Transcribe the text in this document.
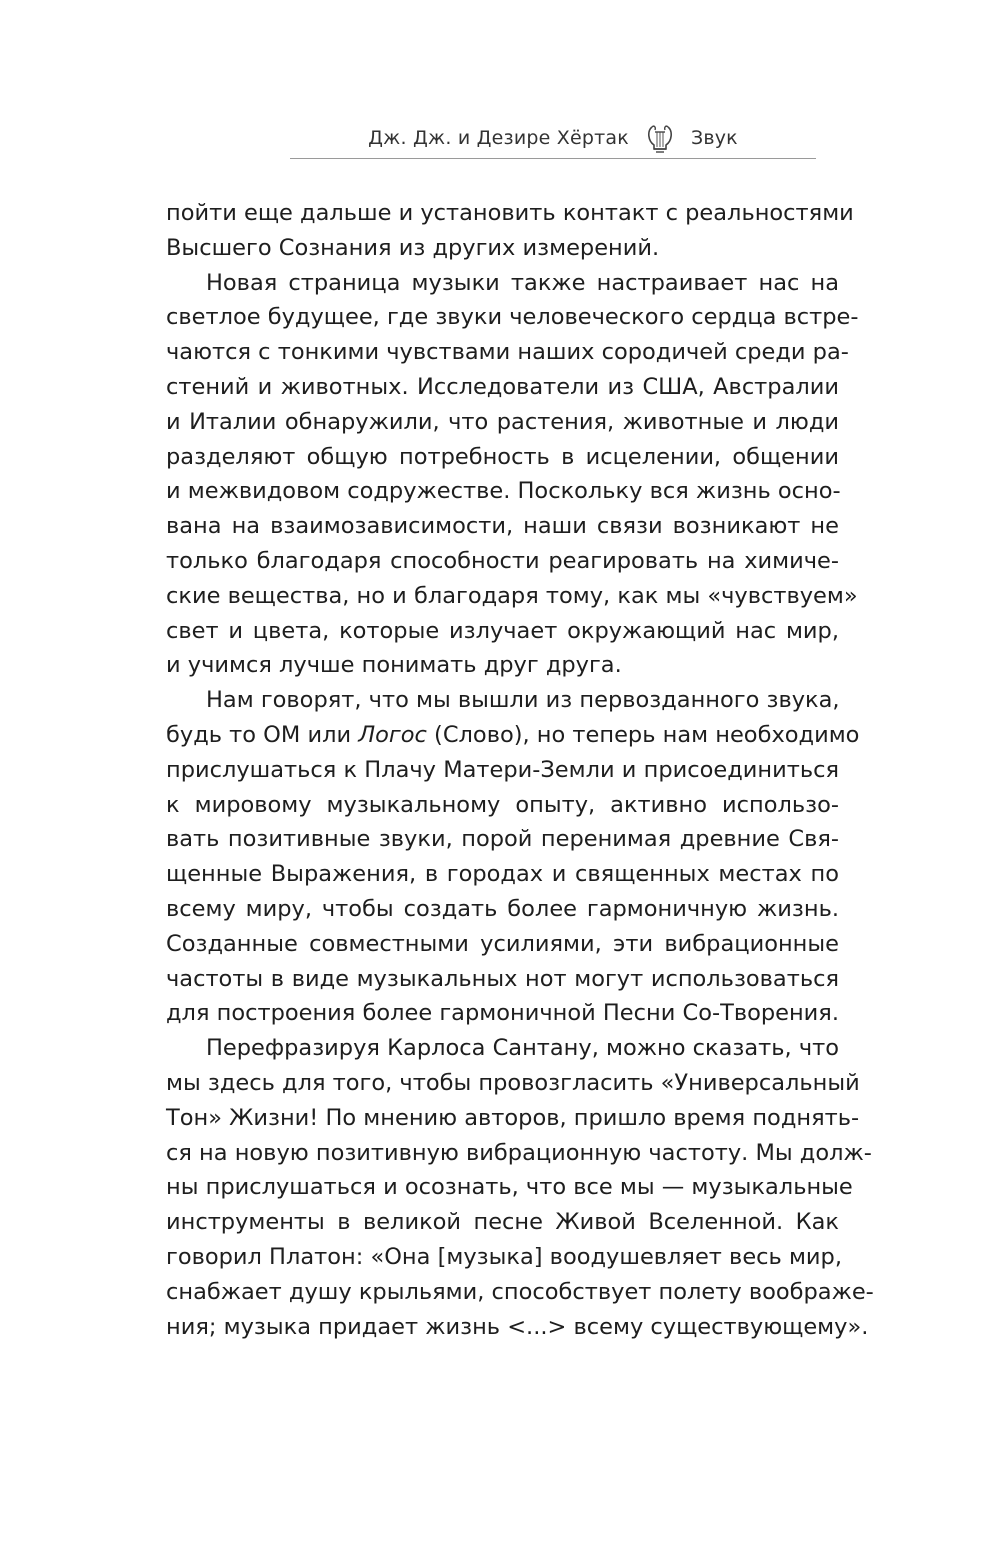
Дж. Дж. и Дезире Хёртак	Звук

пойти еще дальше и установить контакт с реальностями
Высшего Сознания из других измерений.

Новая страница музыки также настраивает нас на
светлое будущее, где звуки человеческого сердца встре-
чаются с тонкими чувствами наших сородичей среди ра-
стений и животных. Исследователи из США, Австралии
и Италии обнаружили, что растения, животные и люди
разделяют общую потребность в исцелении, общении
и межвидовом содружестве. Поскольку вся жизнь осно-
вана на взаимозависимости, наши связи возникают не
только благодаря способности реагировать на химиче-
ские вещества, но и благодаря тому, как мы «чувствуем»
свет и цвета, которые излучает окружающий нас мир,
и учимся лучше понимать друг друга.

Нам говорят, что мы вышли из первозданного звука,
будь то ОМ или Логос (Слово), но теперь нам необходимо
прислушаться к Плачу Матери-Земли и присоединиться
к мировому музыкальному опыту, активно использо-
вать позитивные звуки, порой перенимая древние Свя-
щенные Выражения, в городах и священных местах по
всему миру, чтобы создать более гармоничную жизнь.
Созданные совместными усилиями, эти вибрационные
частоты в виде музыкальных нот могут использоваться
для построения более гармоничной Песни Со-Творения.

Перефразируя Карлоса Сантану, можно сказать, что
мы здесь для того, чтобы провозгласить «Универсальный
Тон» Жизни! По мнению авторов, пришло время поднять-
ся на новую позитивную вибрационную частоту. Мы долж-
ны прислушаться и осознать, что все мы — музыкальные
инструменты в великой песне Живой Вселенной. Как
говорил Платон: «Она [музыка] воодушевляет весь мир,
снабжает душу крыльями, способствует полету воображе-
ния; музыка придает жизнь <...> всему существующему».
